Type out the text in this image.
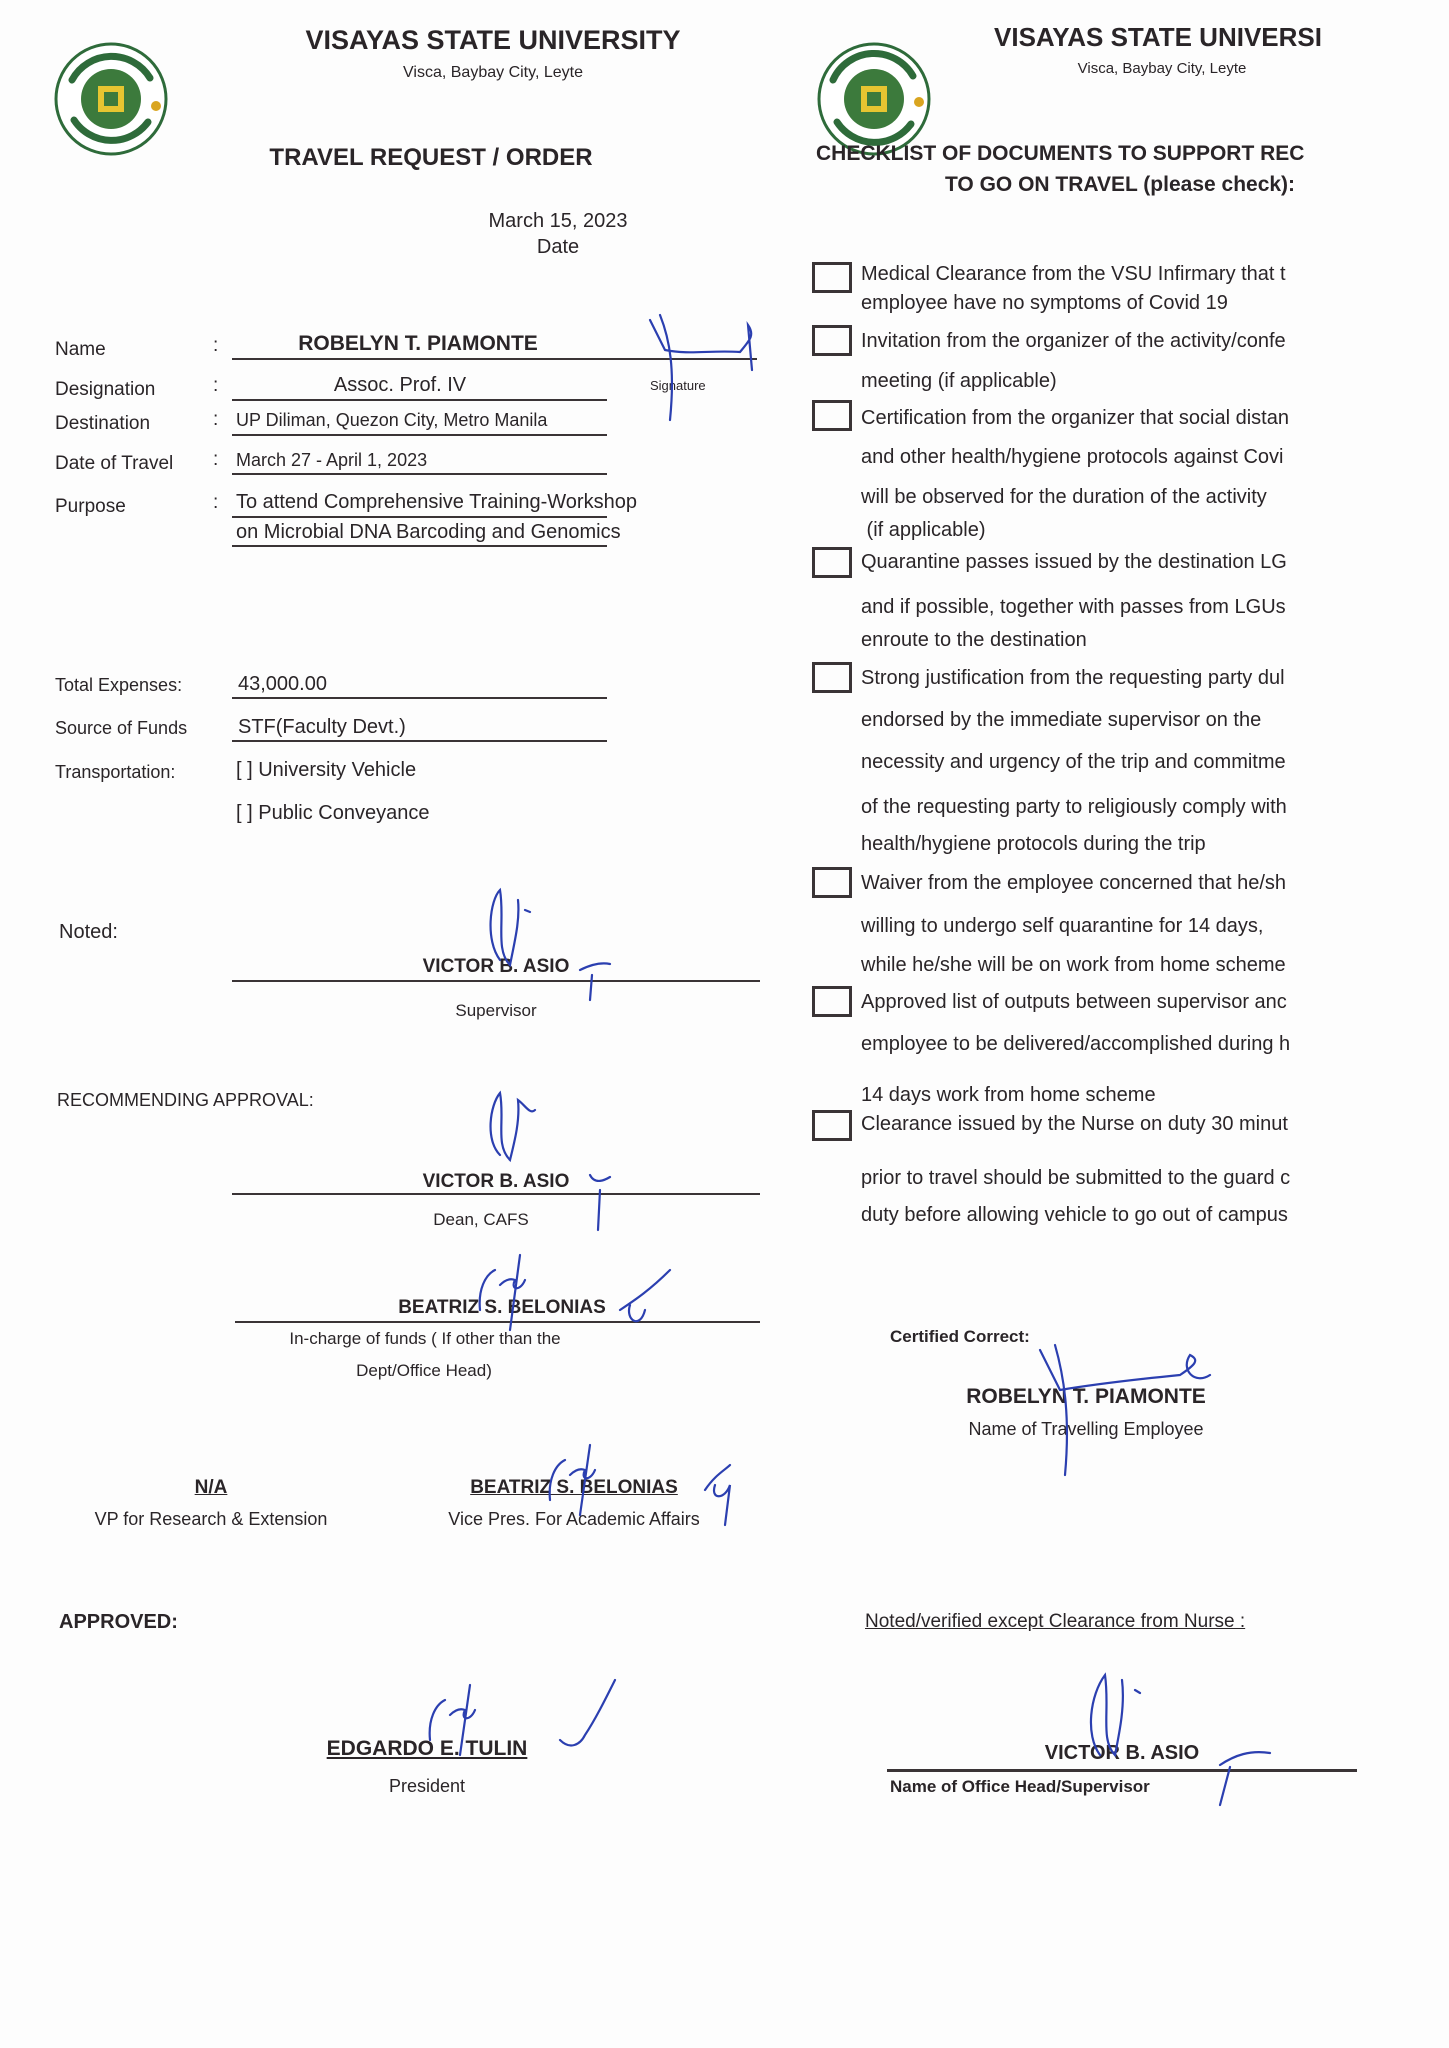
VISAYAS STATE UNIVERSITY
Visca, Baybay City, Leyte
TRAVEL REQUEST / ORDER
March 15, 2023
Date
Name	:	ROBELYN T. PIAMONTE
Designation	:	Assoc. Prof. IV
Destination	: UP Diliman, Quezon City, Metro Manila
Date of Travel : March 27 - April 1, 2023
Purpose	: To attend Comprehensive Training-Workshop
on Microbial DNA Barcoding and Genomics
Signature
Total Expenses:	43,000.00
Source of Funds	STF(Faculty Devt.)
Transportation:	[ ] University Vehicle
[ ] Public Conveyance
Noted:
VICTOR B. ASIO
Supervisor
RECOMMENDING APPROVAL:
VICTOR B. ASIO
Dean, CAFS
BEATRIZ S. BELONIAS
In-charge of funds ( If other than the
Dept/Office Head)
N/A
VP for Research & Extension
BEATRIZ S. BELONIAS
Vice Pres. For Academic Affairs
APPROVED:
EDGARDO E. TULIN
President
VISAYAS STATE UNIVERSI
Visca, Baybay City, Leyte
CHECKLIST OF DOCUMENTS TO SUPPORT REC
TO GO ON TRAVEL (please check):
Medical Clearance from the VSU Infirmary that t
employee have no symptoms of Covid 19
Invitation from the organizer of the activity/confe
meeting (if applicable)
Certification from the organizer that social distan
and other health/hygiene protocols against Covi
will be observed for the duration of the activity
(if applicable)
Quarantine passes issued by the destination LG
and if possible, together with passes from LGUs
enroute to the destination
Strong justification from the requesting party dul
endorsed by the immediate supervisor on the
necessity and urgency of the trip and commitme
of the requesting party to religiously comply with
health/hygiene protocols during the trip
Waiver from the employee concerned that he/sh
willing to undergo self quarantine for 14 days,
while he/she will be on work from home scheme
Approved list of outputs between supervisor anc
employee to be delivered/accomplished during h
14 days work from home scheme
Clearance issued by the Nurse on duty 30 minut
prior to travel should be submitted to the guard c
duty before allowing vehicle to go out of campus
Certified Correct:
ROBELYN T. PIAMONTE
Name of Travelling Employee
Noted/verified except Clearance from Nurse :
VICTOR B. ASIO
Name of Office Head/Supervisor
